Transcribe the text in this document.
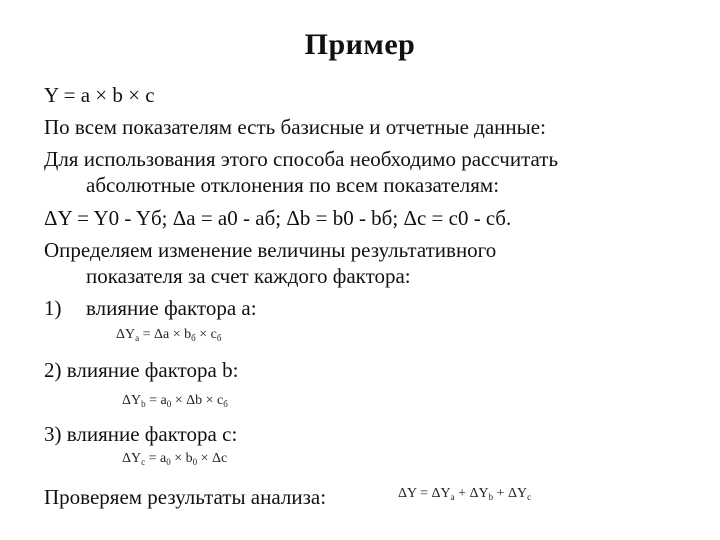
Пример
Y = a × b × c
По всем показателям есть базисные и отчетные данные:
Для использования этого способа необходимо рассчитать
абсолютные отклонения по всем показателям:
ΔY = Y0 - Yб; Δa = a0 - aб; Δb = b0 - bб; Δc = c0 - cб.
Определяем изменение величины результативного
показателя за счет каждого фактора:
1) влияние фактора a:
$\Delta Y_a = \Delta a \times b_б \times c_б$
2) влияние фактора b:
$\Delta Y_b = a_0 \times \Delta b \times c_б$
3) влияние фактора c:
$\Delta Y_c = a_0 \times b_0 \times \Delta c$
Проверяем результаты анализа:	$\Delta Y = \Delta Y_a + \Delta Y_b + \Delta Y_c$
